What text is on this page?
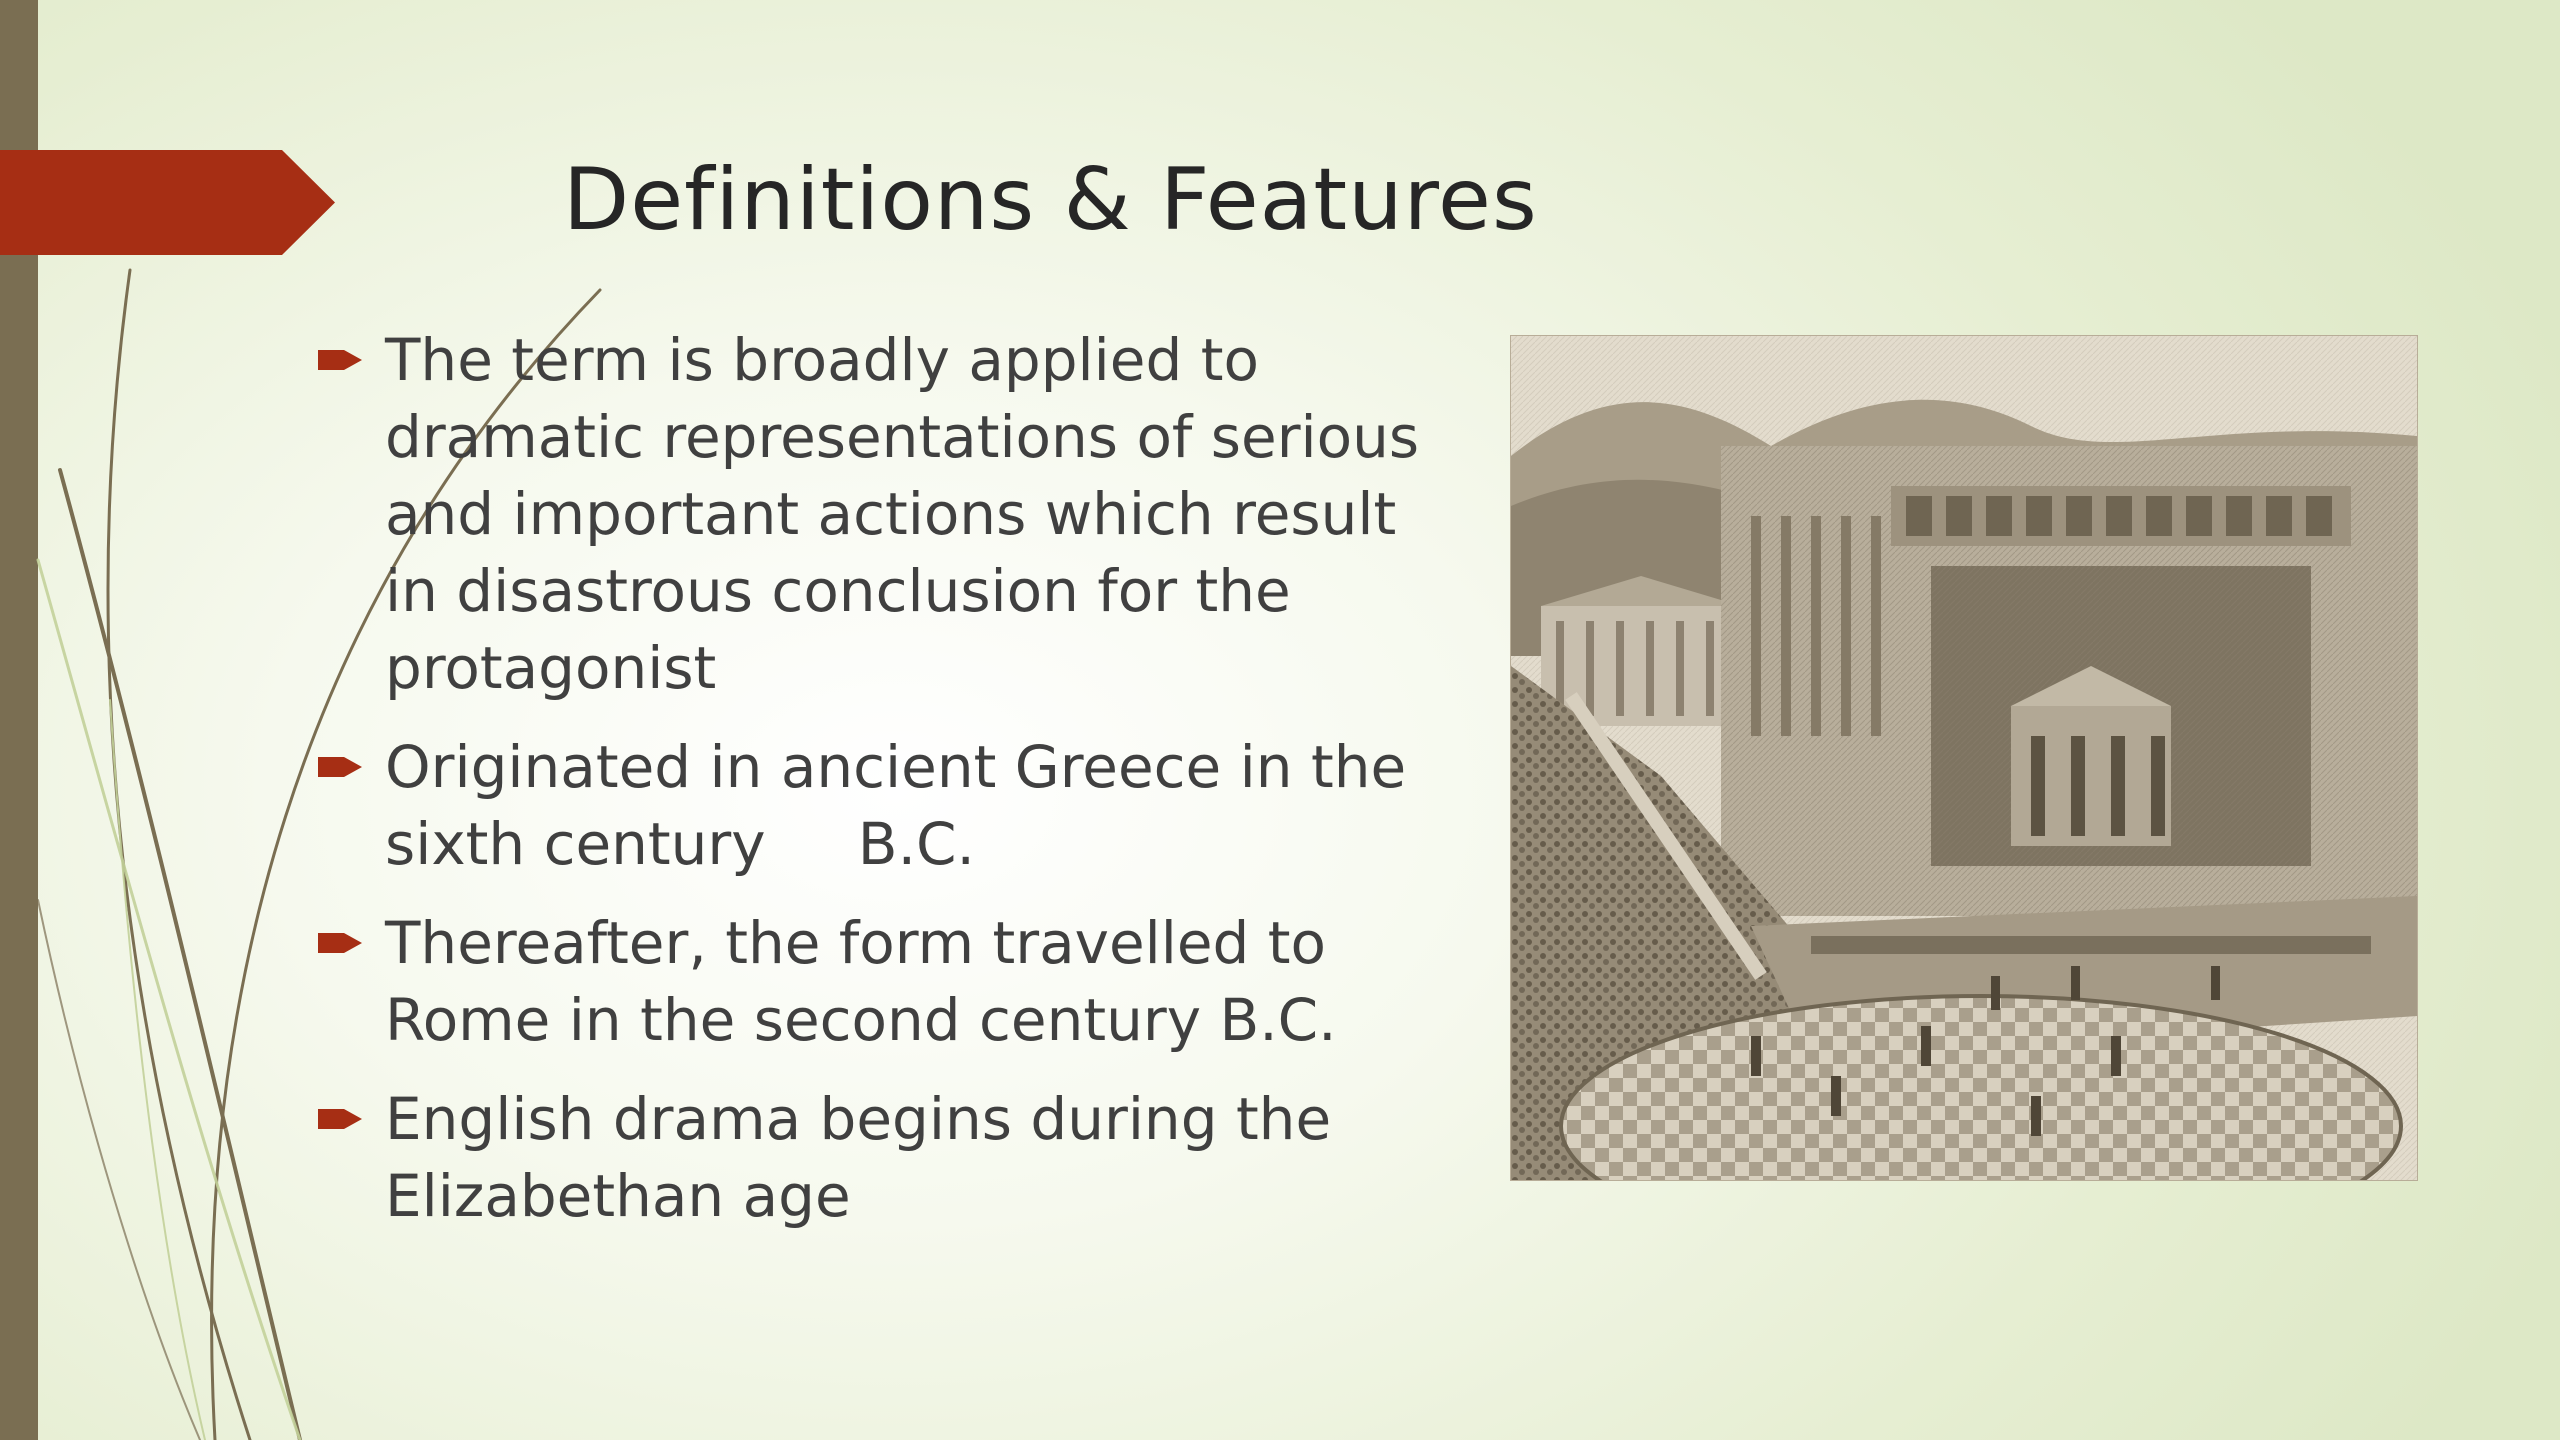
Definitions & Features
The term is broadly applied to dramatic representations of serious and important actions which result in disastrous conclusion for the protagonist
Originated in ancient Greece in the sixth century     B.C.
Thereafter, the form travelled to Rome in the second century B.C.
English drama begins during the Elizabethan age
